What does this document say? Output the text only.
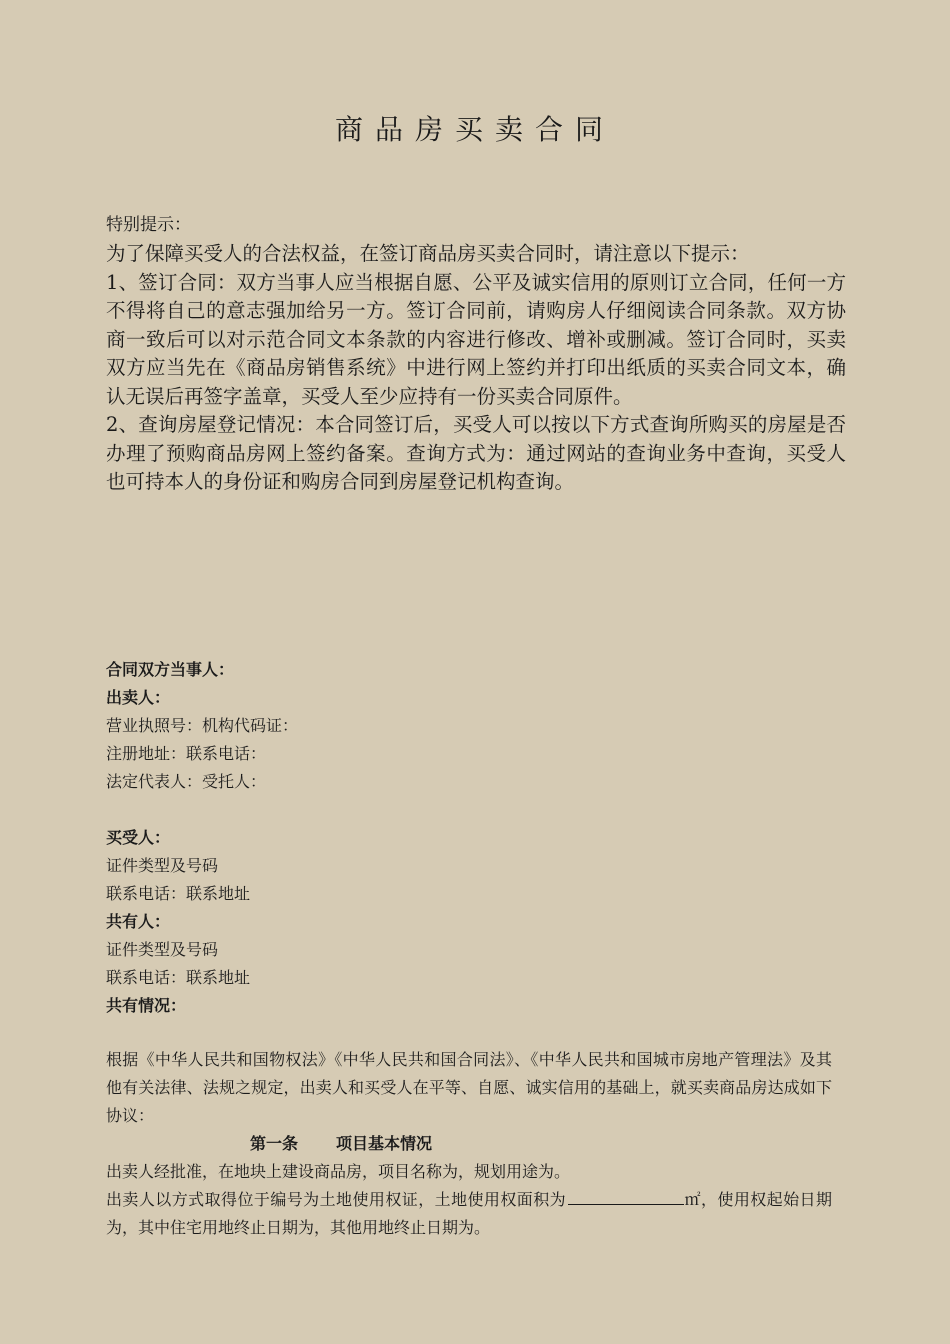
商品房买卖合同
特别提示：

为了保障买受人的合法权益，在签订商品房买卖合同时，请注意以下提示：

1、签订合同：双方当事人应当根据自愿、公平及诚实信用的原则订立合同，任何一方不得将自己的意志强加给另一方。签订合同前，请购房人仔细阅读合同条款。双方协商一致后可以对示范合同文本条款的内容进行修改、增补或删减。签订合同时，买卖双方应当先在《商品房销售系统》中进行网上签约并打印出纸质的买卖合同文本，确认无误后再签字盖章，买受人至少应持有一份买卖合同原件。

2、查询房屋登记情况：本合同签订后，买受人可以按以下方式查询所购买的房屋是否办理了预购商品房网上签约备案。查询方式为：通过网站的查询业务中查询，买受人也可持本人的身份证和购房合同到房屋登记机构查询。

合同双方当事人：
出卖人：
营业执照号：机构代码证：
注册地址：联系电话：
法定代表人：受托人：
买受人：
证件类型及号码
联系电话：联系地址
共有人：
证件类型及号码
联系电话：联系地址
共有情况：

根据《中华人民共和国物权法》《中华人民共和国合同法》、《中华人民共和国城市房地产管理法》及其他有关法律、法规之规定，出卖人和买受人在平等、自愿、诚实信用的基础上，就买卖商品房达成如下协议：

第一条 项目基本情况

出卖人经批准，在地块上建设商品房，项目名称为，规划用途为。

出卖人以方式取得位于编号为土地使用权证，土地使用权面积为	㎡，使用权起始日期为，其中住宅用地终止日期为，其他用地终止日期为。
